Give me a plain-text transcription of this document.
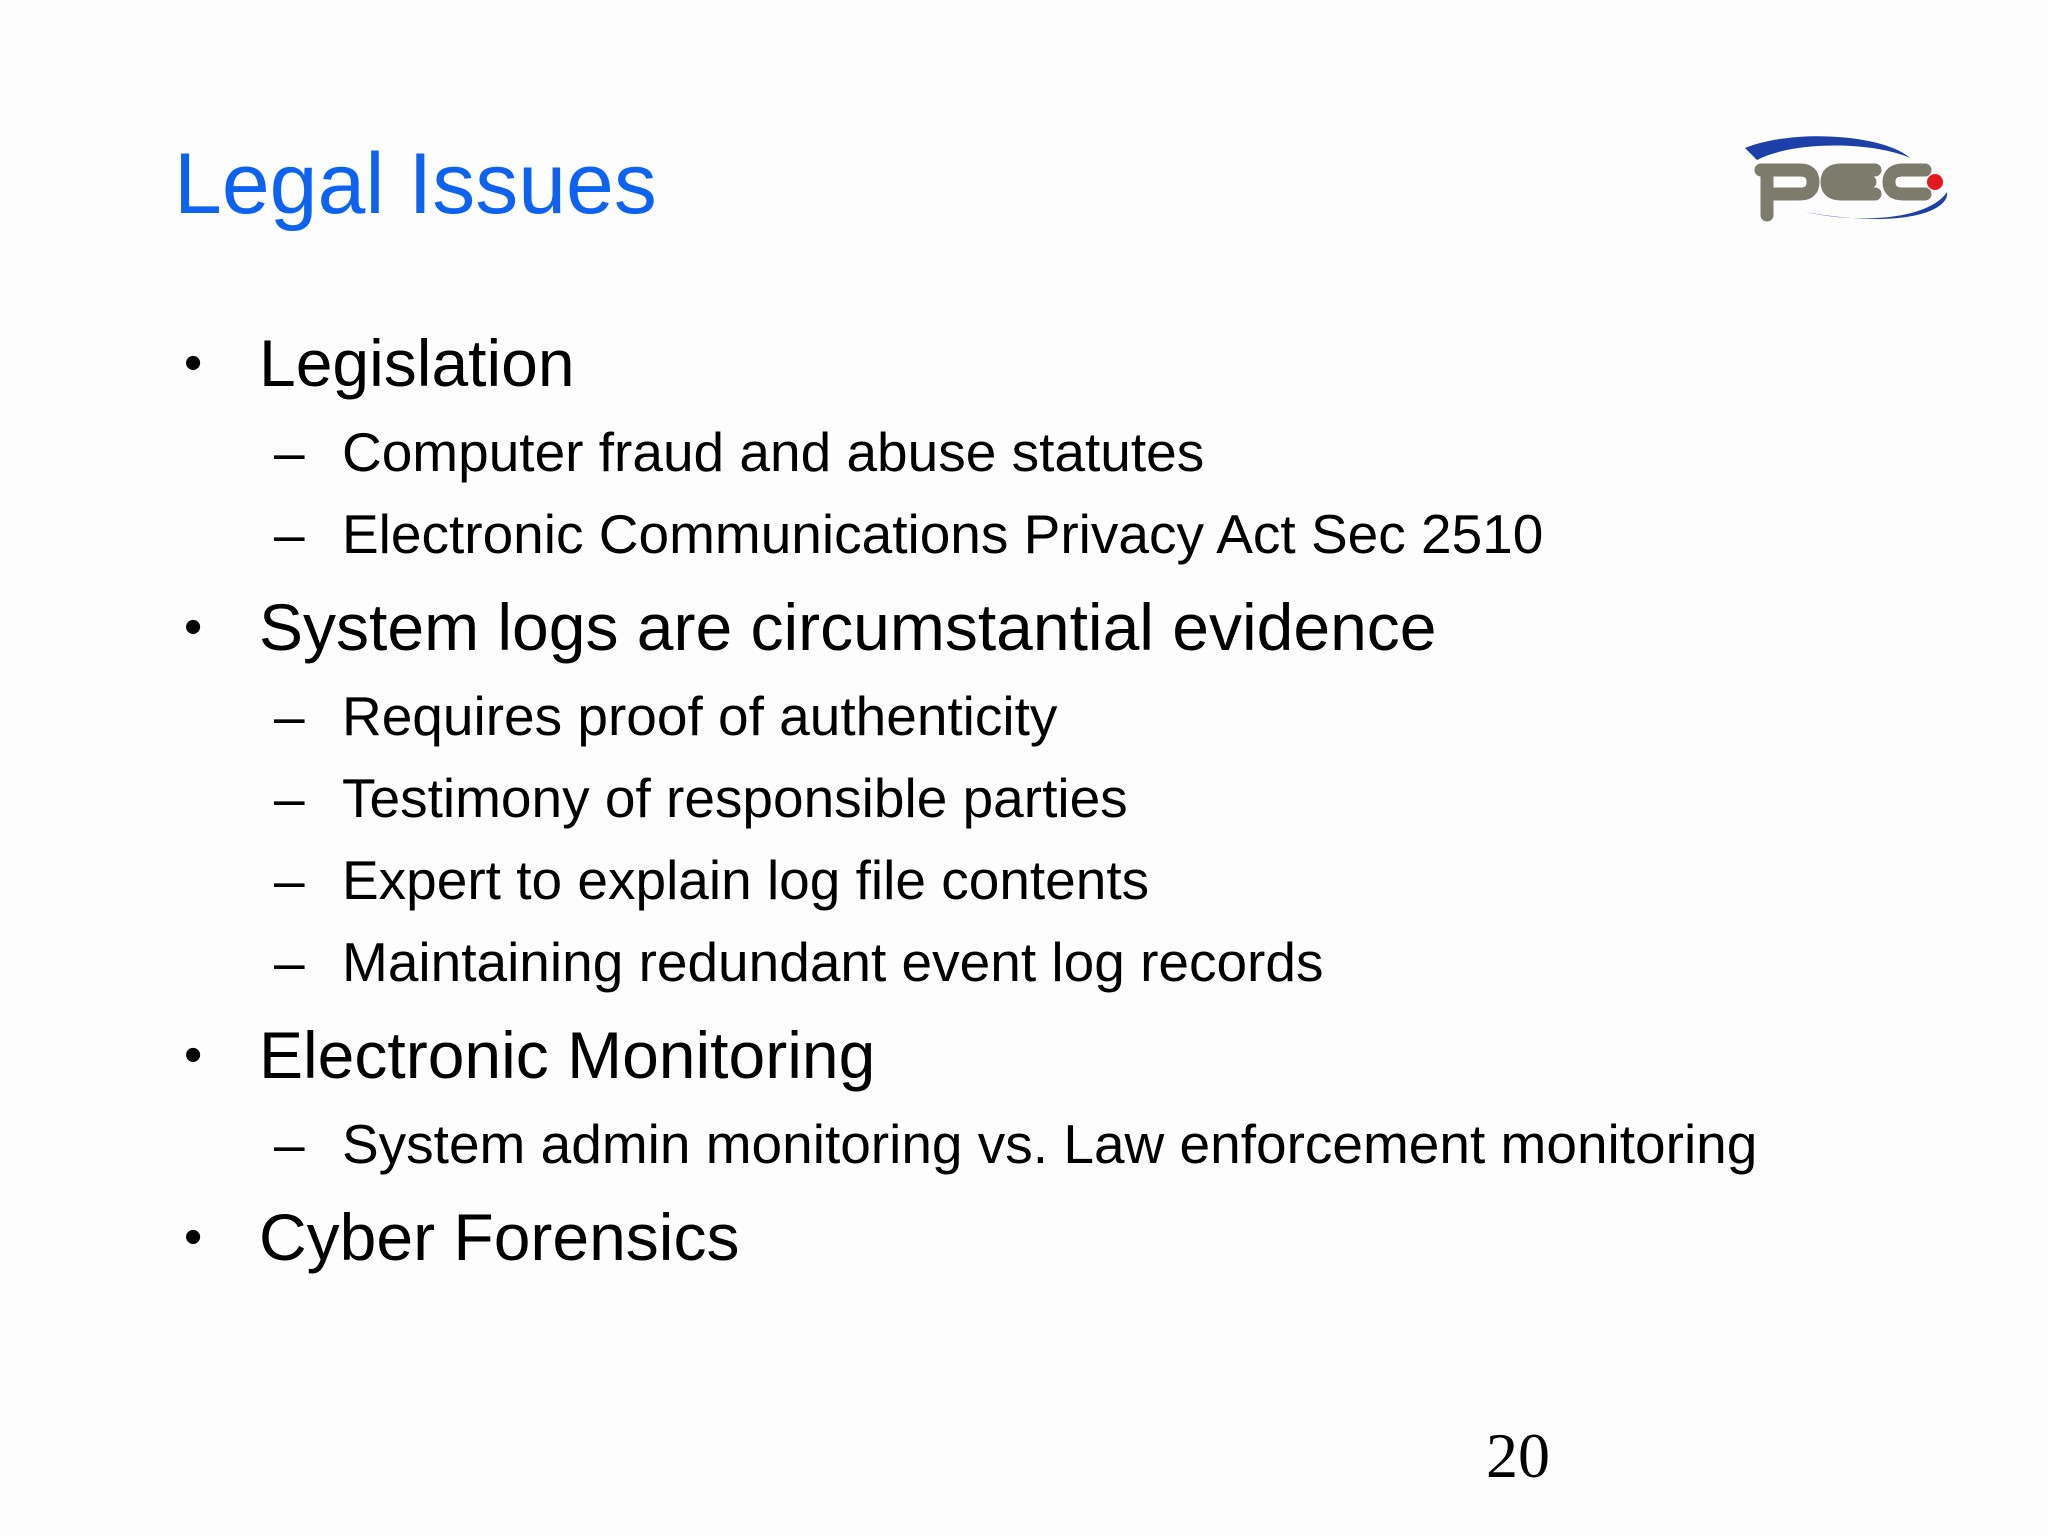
Legal Issues
• Legislation
– Computer fraud and abuse statutes
– Electronic Communications Privacy Act Sec 2510
• System logs are circumstantial evidence
– Requires proof of authenticity
– Testimony of responsible parties
– Expert to explain log file contents
– Maintaining redundant event log records
• Electronic Monitoring
– System admin monitoring vs. Law enforcement monitoring
• Cyber Forensics
20
